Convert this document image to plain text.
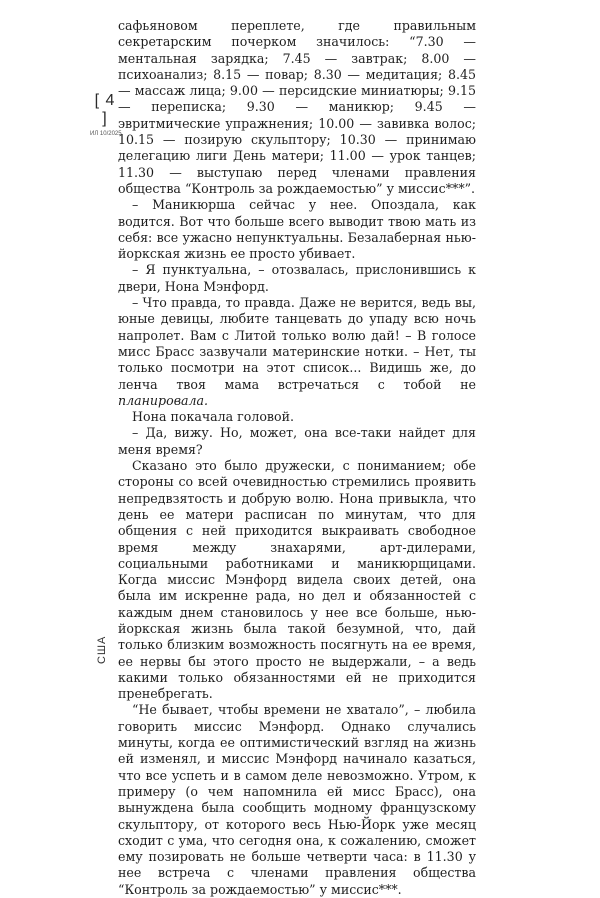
[ 4 ]
ИЛ 10/2025
США

сафьяновом переплете, где правильным секретарским почерком значилось: “7.30 — ментальная зарядка; 7.45 — завтрак; 8.00 — психоанализ; 8.15 — повар; 8.30 — медитация; 8.45 — массаж лица; 9.00 — персидские миниатюры; 9.15 — переписка; 9.30 — маникюр; 9.45 — эвритмические упражнения; 10.00 — завивка волос; 10.15 — позирую скульптору; 10.30 — принимаю делегацию лиги День матери; 11.00 — урок танцев; 11.30 — выступаю перед членами правления общества “Контроль за рождаемостью” у миссис***”.

– Маникюрша сейчас у нее. Опоздала, как водится. Вот что больше всего выводит твою мать из себя: все ужасно непунктуальны. Безалаберная нью-йоркская жизнь ее просто убивает.

– Я пунктуальна, – отозвалась, прислонившись к двери, Нона Мэнфорд.

– Что правда, то правда. Даже не верится, ведь вы, юные девицы, любите танцевать до упаду всю ночь напролет. Вам с Литой только волю дай! – В голосе мисс Брасс зазвучали материнские нотки. – Нет, ты только посмотри на этот список... Видишь же, до ленча твоя мама встречаться с тобой не планировала.

Нона покачала головой.

– Да, вижу. Но, может, она все-таки найдет для меня время?

Сказано это было дружески, с пониманием; обе стороны со всей очевидностью стремились проявить непредвзятость и добрую волю. Нона привыкла, что день ее матери расписан по минутам, что для общения с ней приходится выкраивать свободное время между знахарями, арт-дилерами, социальными работниками и маникюрщицами. Когда миссис Мэнфорд видела своих детей, она была им искренне рада, но дел и обязанностей с каждым днем становилось у нее все больше, нью-йоркская жизнь была такой безумной, что, дай только близким возможность посягнуть на ее время, ее нервы бы этого просто не выдержали, – а ведь какими только обязанностями ей не приходится пренебрегать.

“Не бывает, чтобы времени не хватало”, – любила говорить миссис Мэнфорд. Однако случались минуты, когда ее оптимистический взгляд на жизнь ей изменял, и миссис Мэнфорд начинало казаться, что все успеть и в самом деле невозможно. Утром, к примеру (о чем напомнила ей мисс Брасс), она вынуждена была сообщить модному французскому скульптору, от которого весь Нью-Йорк уже месяц сходит с ума, что сегодня она, к сожалению, сможет ему позировать не больше четверти часа: в 11.30 у нее встреча с членами правления общества “Контроль за рождаемостью” у миссис***.
